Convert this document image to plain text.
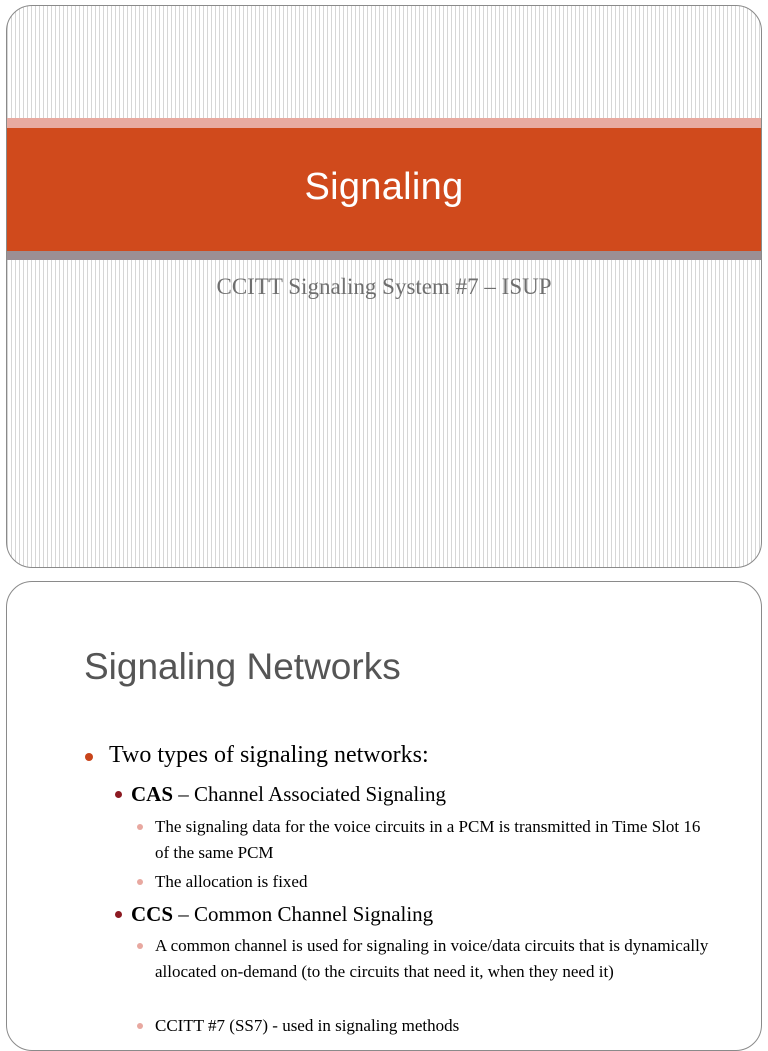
Signaling
CCITT Signaling System #7 – ISUP
Signaling Networks
Two types of signaling networks:
CAS – Channel Associated Signaling
The signaling data for the voice circuits in a PCM is transmitted in Time Slot 16 of the same PCM
The allocation is fixed
CCS – Common Channel Signaling
A common channel is used for signaling in voice/data circuits that is dynamically allocated on-demand (to the circuits that need it, when they need it)
CCITT #7 (SS7) - used in signaling methods
